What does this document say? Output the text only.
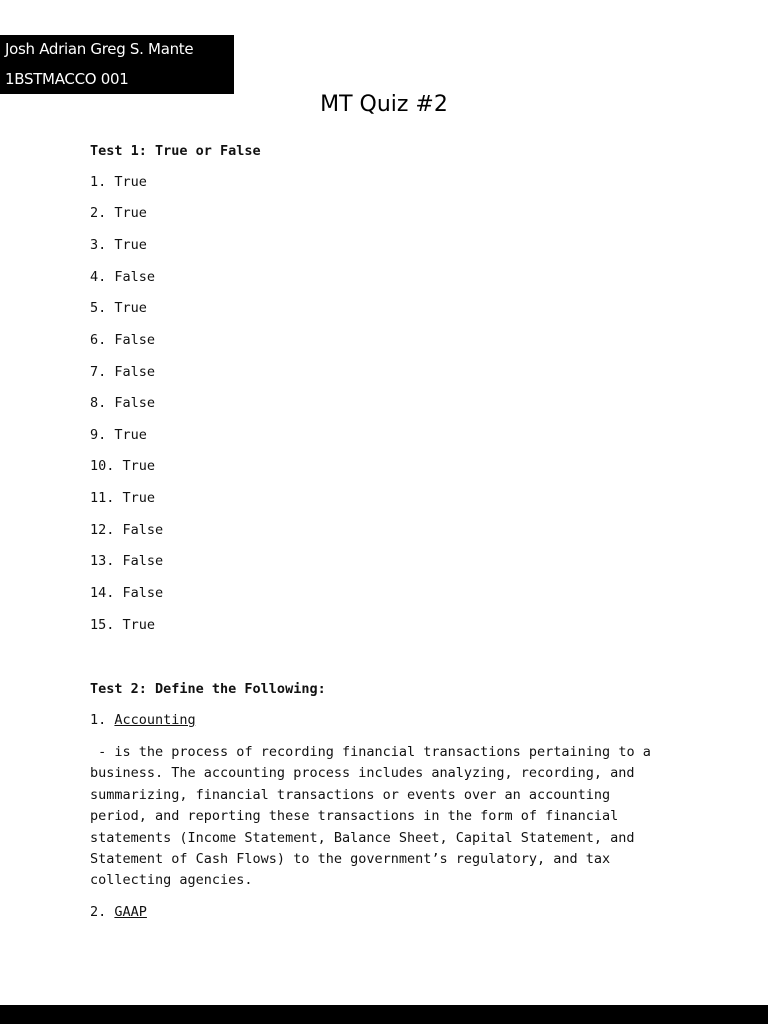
Josh Adrian Greg S. Mante
1BSTMACCO 001
MT Quiz #2
Test 1: True or False
1. True
2. True
3. True
4. False
5. True
6. False
7. False
8. False
9. True
10. True
11. True
12. False
13. False
14. False
15. True
Test 2: Define the Following:
1. Accounting

- is the process of recording financial transactions pertaining to a business. The accounting process includes analyzing, recording, and summarizing, financial transactions or events over an accounting period, and reporting these transactions in the form of financial statements (Income Statement, Balance Sheet, Capital Statement, and Statement of Cash Flows) to the government’s regulatory, and tax collecting agencies.

2. GAAP
